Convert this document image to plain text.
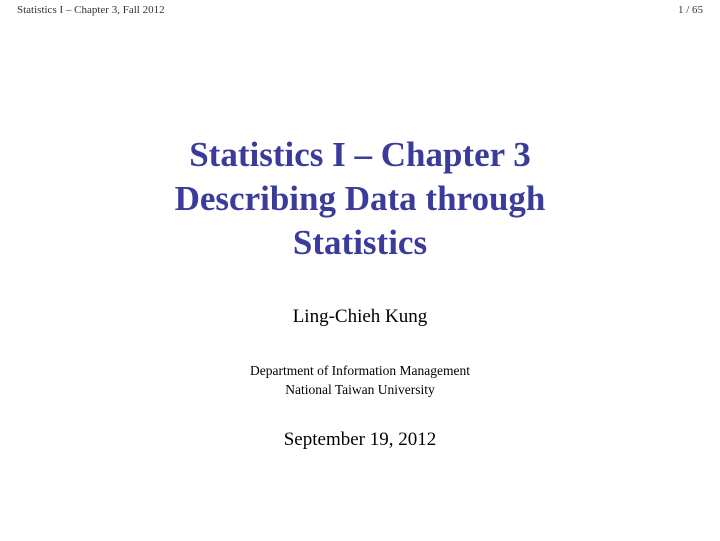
Statistics I – Chapter 3, Fall 2012	1 / 65
Statistics I – Chapter 3
Describing Data through
Statistics
Ling-Chieh Kung
Department of Information Management
National Taiwan University
September 19, 2012
